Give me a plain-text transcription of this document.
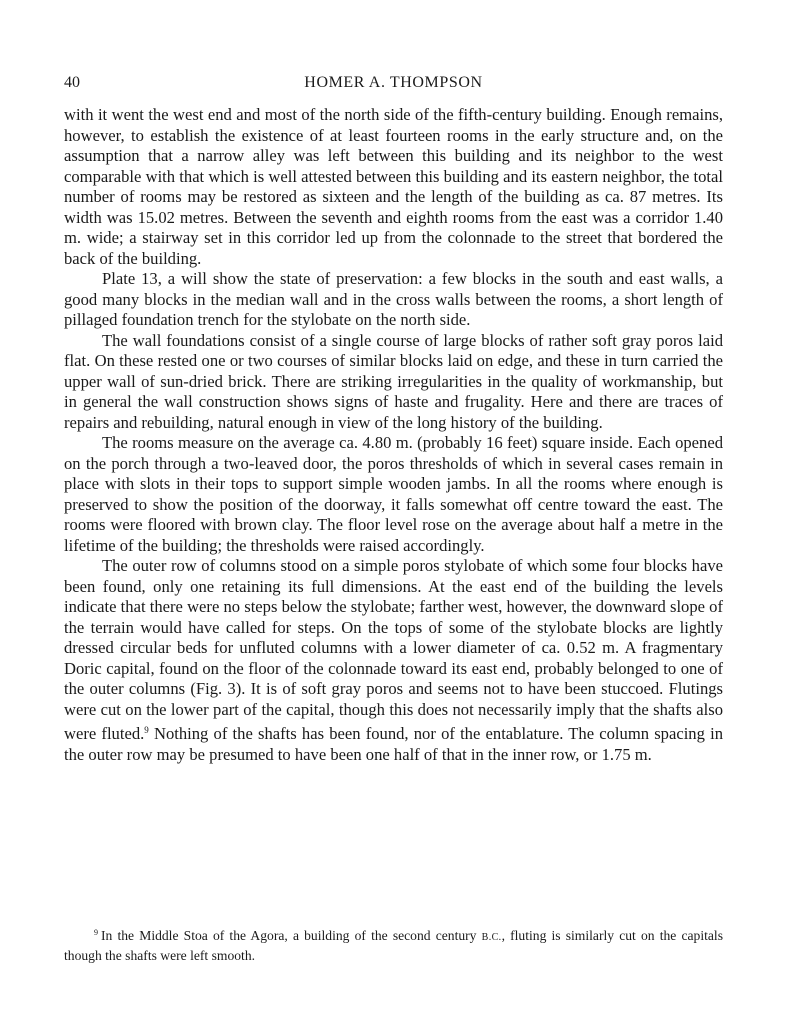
40	HOMER A. THOMPSON

with it went the west end and most of the north side of the fifth-century building. Enough remains, however, to establish the existence of at least fourteen rooms in the early structure and, on the assumption that a narrow alley was left between this building and its neighbor to the west comparable with that which is well attested between this building and its eastern neighbor, the total number of rooms may be restored as sixteen and the length of the building as ca. 87 metres. Its width was 15.02 metres. Between the seventh and eighth rooms from the east was a corridor 1.40 m. wide; a stairway set in this corridor led up from the colonnade to the street that bordered the back of the building.

Plate 13, a will show the state of preservation: a few blocks in the south and east walls, a good many blocks in the median wall and in the cross walls between the rooms, a short length of pillaged foundation trench for the stylobate on the north side.

The wall foundations consist of a single course of large blocks of rather soft gray poros laid flat. On these rested one or two courses of similar blocks laid on edge, and these in turn carried the upper wall of sun-dried brick. There are striking irregularities in the quality of workmanship, but in general the wall construction shows signs of haste and frugality. Here and there are traces of repairs and rebuilding, natural enough in view of the long history of the building.

The rooms measure on the average ca. 4.80 m. (probably 16 feet) square inside. Each opened on the porch through a two-leaved door, the poros thresholds of which in several cases remain in place with slots in their tops to support simple wooden jambs. In all the rooms where enough is preserved to show the position of the doorway, it falls somewhat off centre toward the east. The rooms were floored with brown clay. The floor level rose on the average about half a metre in the lifetime of the building; the thresholds were raised accordingly.

The outer row of columns stood on a simple poros stylobate of which some four blocks have been found, only one retaining its full dimensions. At the east end of the building the levels indicate that there were no steps below the stylobate; farther west, however, the downward slope of the terrain would have called for steps. On the tops of some of the stylobate blocks are lightly dressed circular beds for unfluted columns with a lower diameter of ca. 0.52 m. A fragmentary Doric capital, found on the floor of the colonnade toward its east end, probably belonged to one of the outer columns (Fig. 3). It is of soft gray poros and seems not to have been stuccoed. Flutings were cut on the lower part of the capital, though this does not necessarily imply that the shafts also were fluted.$^9$ Nothing of the shafts has been found, nor of the entablature. The column spacing in the outer row may be presumed to have been one half of that in the inner row, or 1.75 m.

$^9$ In the Middle Stoa of the Agora, a building of the second century B.C., fluting is similarly cut on the capitals though the shafts were left smooth.
